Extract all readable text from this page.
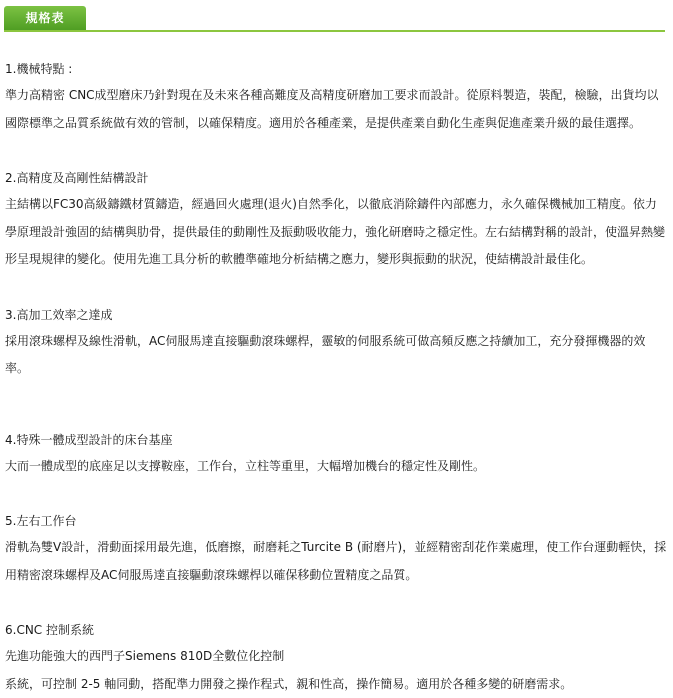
規格表
1.機械特點 :
準力高精密 CNC成型磨床乃針對現在及未來各種高難度及高精度研磨加工要求而設計。從原料製造，裝配，檢驗，出貨均以國際標準之品質系統做有效的管制，以確保精度。適用於各種產業，是提供產業自動化生產與促進產業升級的最佳選擇。
2.高精度及高剛性結構設計
主結構以FC30高級鑄鐵材質鑄造，經過回火處理(退火)自然季化，以徹底消除鑄件內部應力，永久確保機械加工精度。依力學原理設計強固的結構與肋骨，提供最佳的動剛性及振動吸收能力，強化研磨時之穩定性。左右結構對稱的設計，使溫昇熱變形呈現規律的變化。使用先進工具分析的軟體準確地分析結構之應力，變形與振動的狀況，使結構設計最佳化。
3.高加工效率之達成
採用滾珠螺桿及線性滑軌，AC伺服馬達直接驅動滾珠螺桿，靈敏的伺服系統可做高頻反應之持續加工，充分發揮機器的效率。
4.特殊一體成型設計的床台基座
大而一體成型的底座足以支撐鞍座，工作台，立柱等重里，大幅增加機台的穩定性及剛性。
5.左右工作台
滑軌為雙V設計，滑動面採用最先進，低磨擦，耐磨耗之Turcite B (耐磨片)，並經精密刮花作業處理，使工作台運動輕快，採用精密滾珠螺桿及AC伺服馬達直接驅動滾珠螺桿以確保移動位置精度之品質。
6.CNC 控制系統
先進功能強大的西門子Siemens 810D全數位化控制
系統，可控制 2-5 軸同動，搭配準力開發之操作程式，親和性高，操作簡易。適用於各種多變的研磨需求。
